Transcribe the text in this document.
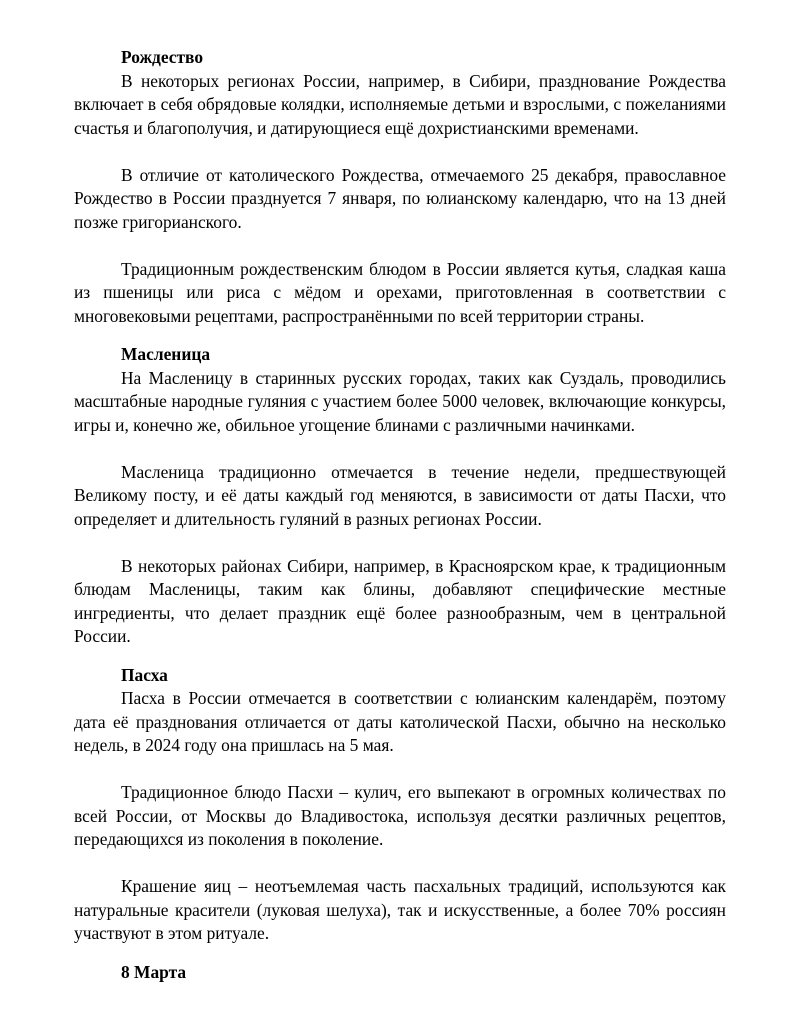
Рождество

В некоторых регионах России, например, в Сибири, празднование Рождества включает в себя обрядовые колядки, исполняемые детьми и взрослыми, с пожеланиями счастья и благополучия, и датирующиеся ещё дохристианскими временами.

В отличие от католического Рождества, отмечаемого 25 декабря, православное Рождество в России празднуется 7 января, по юлианскому календарю, что на 13 дней позже григорианского.

Традиционным рождественским блюдом в России является кутья, сладкая каша из пшеницы или риса с мёдом и орехами, приготовленная в соответствии с многовековыми рецептами, распространёнными по всей территории страны.

Масленица

На Масленицу в старинных русских городах, таких как Суздаль, проводились масштабные народные гуляния с участием более 5000 человек, включающие конкурсы, игры и, конечно же, обильное угощение блинами с различными начинками.

Масленица традиционно отмечается в течение недели, предшествующей Великому посту, и её даты каждый год меняются, в зависимости от даты Пасхи, что определяет и длительность гуляний в разных регионах России.

В некоторых районах Сибири, например, в Красноярском крае, к традиционным блюдам Масленицы, таким как блины, добавляют специфические местные ингредиенты, что делает праздник ещё более разнообразным, чем в центральной России.

Пасха

Пасха в России отмечается в соответствии с юлианским календарём, поэтому дата её празднования отличается от даты католической Пасхи, обычно на несколько недель, в 2024 году она пришлась на 5 мая.

Традиционное блюдо Пасхи – кулич, его выпекают в огромных количествах по всей России, от Москвы до Владивостока, используя десятки различных рецептов, передающихся из поколения в поколение.

Крашение яиц – неотъемлемая часть пасхальных традиций, используются как натуральные красители (луковая шелуха), так и искусственные, а более 70% россиян участвуют в этом ритуале.

8 Марта
